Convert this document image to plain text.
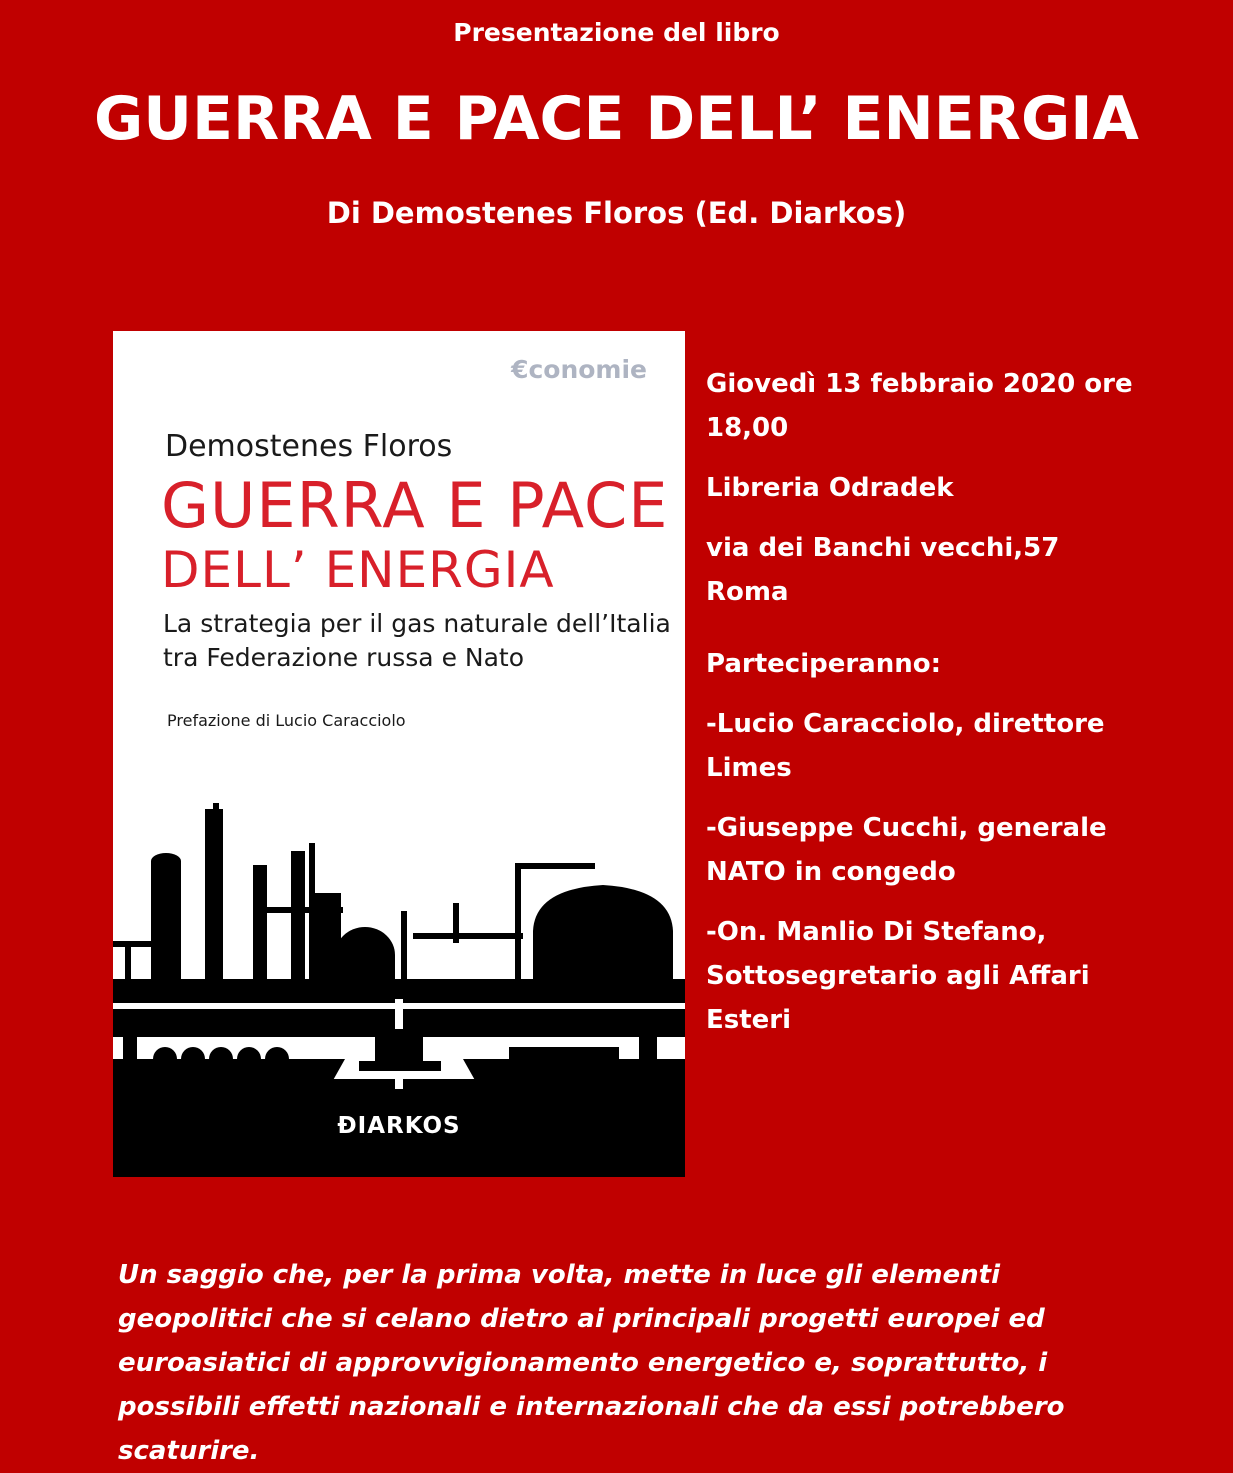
Presentazione del libro
GUERRA E PACE DELL’ ENERGIA
Di Demostenes Floros (Ed. Diarkos)
€conomie
Demostenes Floros
GUERRA E PACE
DELL’ ENERGIA
La strategia per il gas naturale dell’Italia
tra Federazione russa e Nato
Prefazione di Lucio Caracciolo
ĐIARKOS

Giovedì 13 febbraio 2020 ore 18,00

Libreria Odradek

via dei Banchi vecchi,57 Roma

Parteciperanno:

-Lucio Caracciolo, direttore Limes

-Giuseppe Cucchi, generale NATO in congedo

-On. Manlio Di Stefano, Sottosegretario agli Affari Esteri

Un saggio che, per la prima volta, mette in luce gli elementi geopolitici che si celano dietro ai principali progetti europei ed euroasiatici di approvvigionamento energetico e, soprattutto, i possibili effetti nazionali e internazionali che da essi potrebbero scaturire.
